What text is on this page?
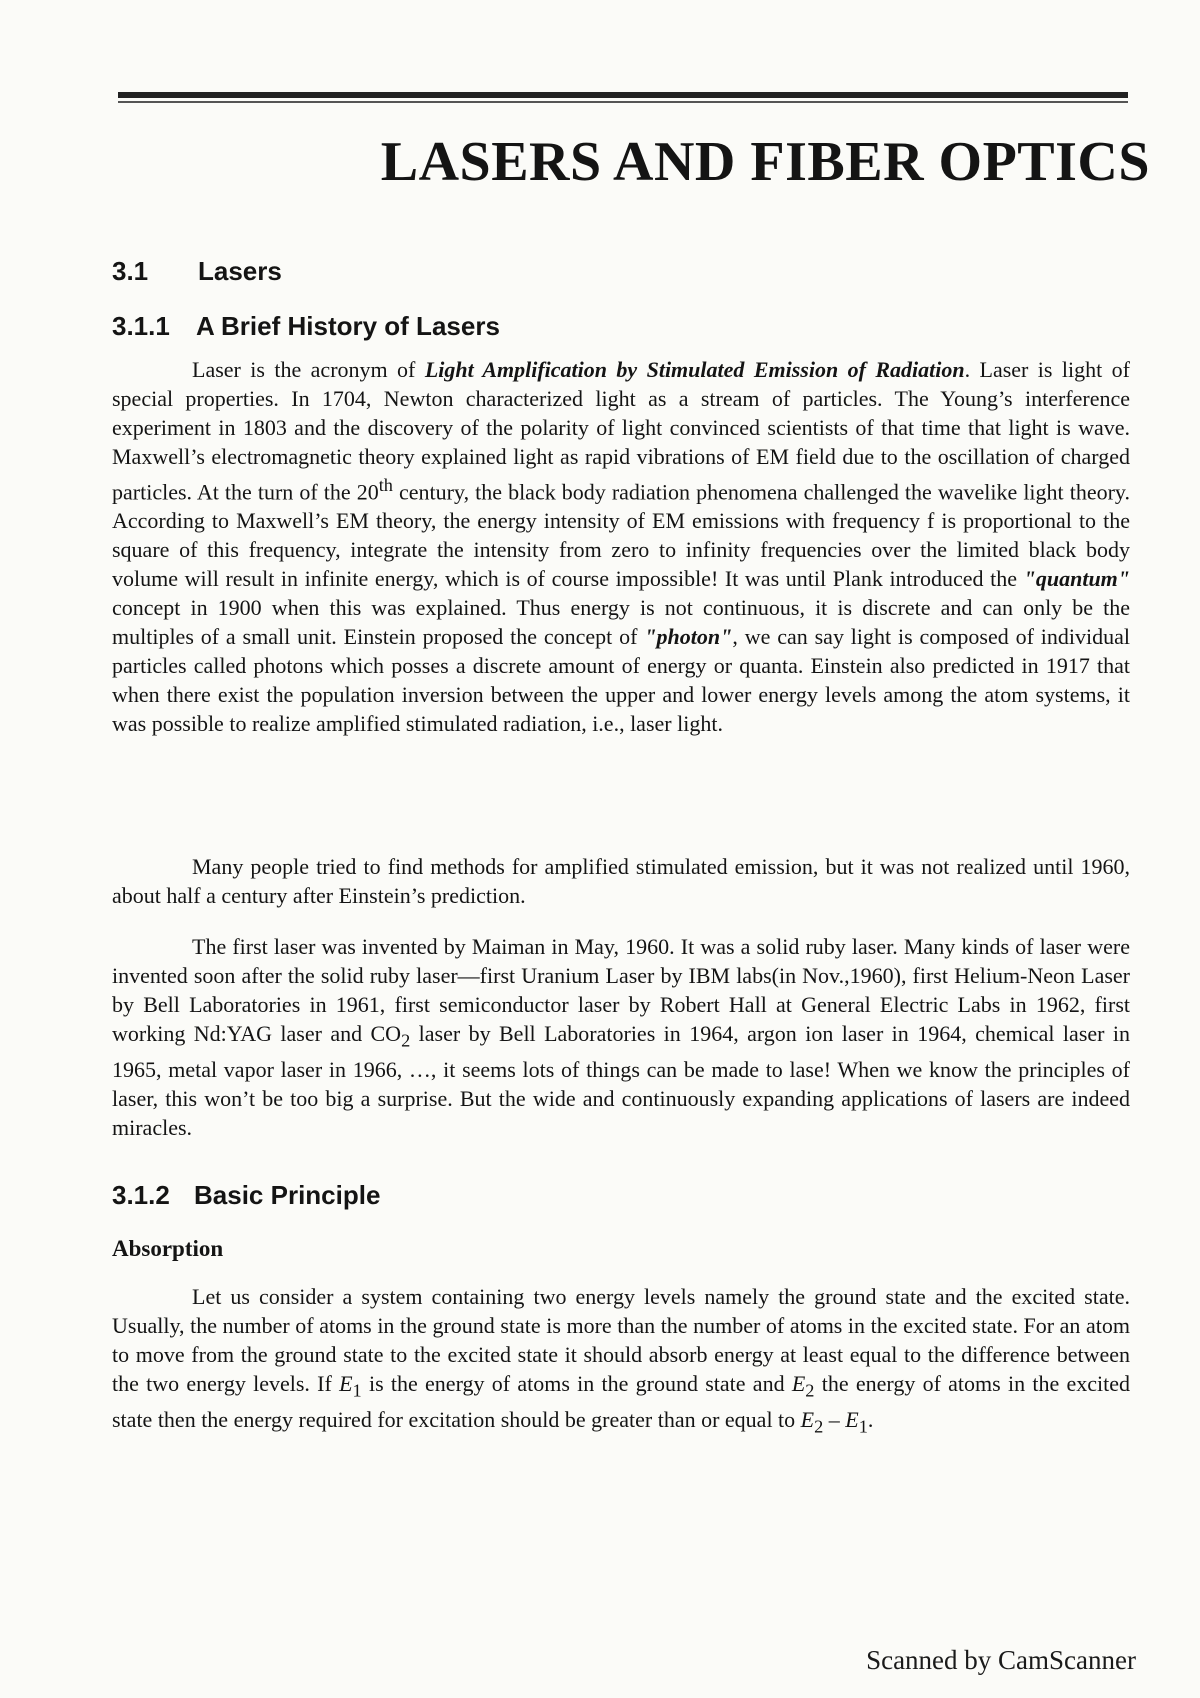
LASERS AND FIBER OPTICS
3.1 Lasers
3.1.1 A Brief History of Lasers

Laser is the acronym of Light Amplification by Stimulated Emission of Radiation. Laser is light of special properties. In 1704, Newton characterized light as a stream of particles. The Young’s interference experiment in 1803 and the discovery of the polarity of light convinced scientists of that time that light is wave. Maxwell’s electromagnetic theory explained light as rapid vibrations of EM field due to the oscillation of charged particles. At the turn of the 20th century, the black body radiation phenomena challenged the wavelike light theory. According to Maxwell’s EM theory, the energy intensity of EM emissions with frequency f is proportional to the square of this frequency, integrate the intensity from zero to infinity frequencies over the limited black body volume will result in infinite energy, which is of course impossible! It was until Plank introduced the "quantum" concept in 1900 when this was explained. Thus energy is not continuous, it is discrete and can only be the multiples of a small unit. Einstein proposed the concept of "photon", we can say light is composed of individual particles called photons which posses a discrete amount of energy or quanta. Einstein also predicted in 1917 that when there exist the population inversion between the upper and lower energy levels among the atom systems, it was possible to realize amplified stimulated radiation, i.e., laser light.

Many people tried to find methods for amplified stimulated emission, but it was not realized until 1960, about half a century after Einstein’s prediction.

The first laser was invented by Maiman in May, 1960. It was a solid ruby laser. Many kinds of laser were invented soon after the solid ruby laser—first Uranium Laser by IBM labs(in Nov.,1960), first Helium-Neon Laser by Bell Laboratories in 1961, first semiconductor laser by Robert Hall at General Electric Labs in 1962, first working Nd:YAG laser and $CO_2$ laser by Bell Laboratories in 1964, argon ion laser in 1964, chemical laser in 1965, metal vapor laser in 1966, …, it seems lots of things can be made to lase! When we know the principles of laser, this won’t be too big a surprise. But the wide and continuously expanding applications of lasers are indeed miracles.

3.1.2 Basic Principle
Absorption

Let us consider a system containing two energy levels namely the ground state and the excited state. Usually, the number of atoms in the ground state is more than the number of atoms in the excited state. For an atom to move from the ground state to the excited state it should absorb energy at least equal to the difference between the two energy levels. If $E_1$ is the energy of atoms in the ground state and $E_2$ the energy of atoms in the excited state then the energy required for excitation should be greater than or equal to $E_2 - E_1$.

Scanned by CamScanner
